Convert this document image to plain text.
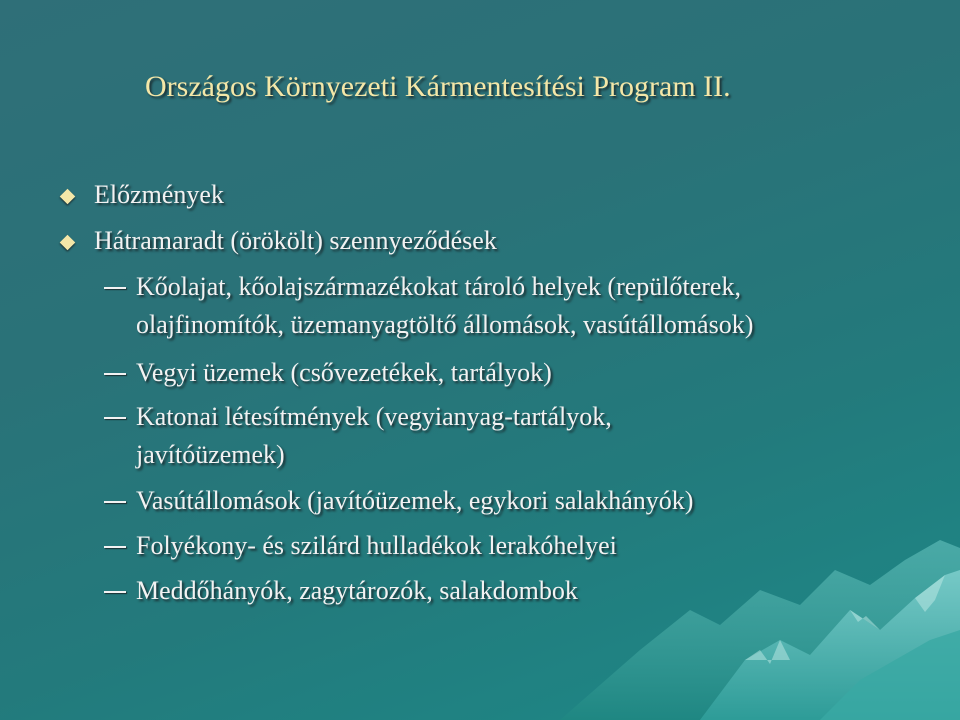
Országos Környezeti Kármentesítési Program II.
Előzmények
Hátramaradt (örökölt) szennyeződések
Kőolajat, kőolajszármazékokat tároló helyek (repülőterek,
olajfinomítók, üzemanyagtöltő állomások, vasútállomások)
Vegyi üzemek (csővezetékek, tartályok)
Katonai létesítmények (vegyianyag-tartályok,
javítóüzemek)
Vasútállomások (javítóüzemek, egykori salakhányók)
Folyékony- és szilárd hulladékok lerakóhelyei
Meddőhányók, zagytározók, salakdombok
